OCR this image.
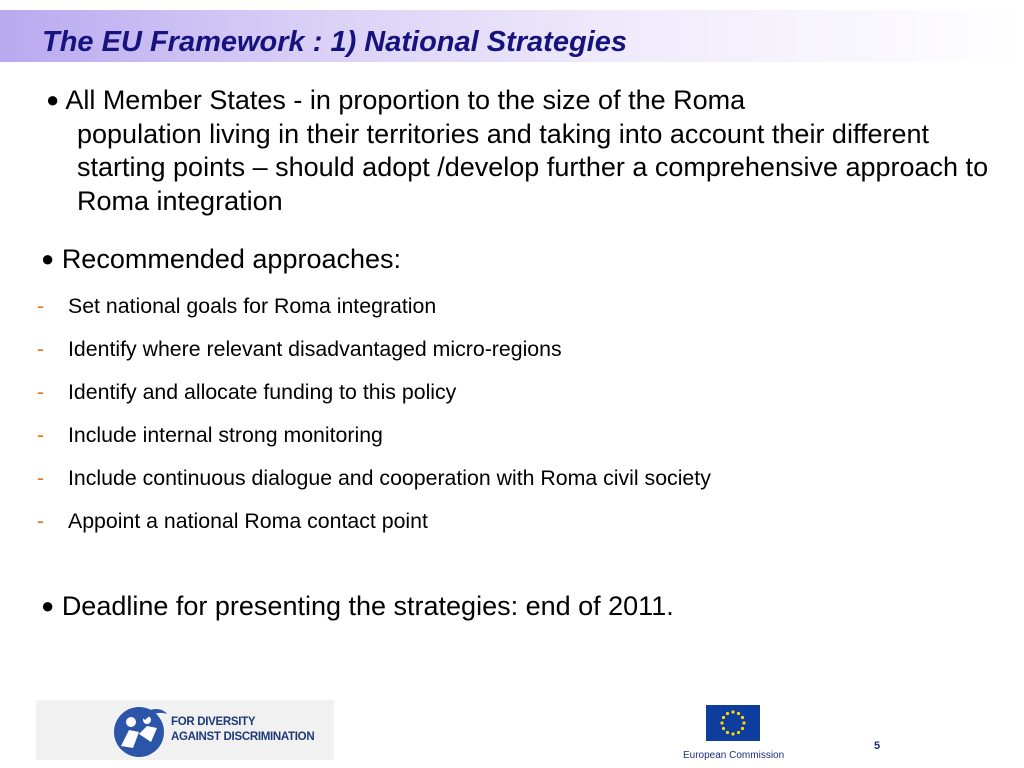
The EU Framework : 1) National Strategies
● All Member States - in proportion to the size of the Roma
population living in their territories and taking into account their different starting points – should adopt /develop further a comprehensive approach to Roma integration
● Recommended approaches:
- Set national goals for Roma integration
- Identify where relevant disadvantaged micro-regions
- Identify and allocate funding to this policy
- Include internal strong monitoring
- Include continuous dialogue and cooperation with Roma civil society
- Appoint a national Roma contact point
● Deadline for presenting the strategies: end of 2011.
FOR DIVERSITY
AGAINST DISCRIMINATION
European Commission
5
